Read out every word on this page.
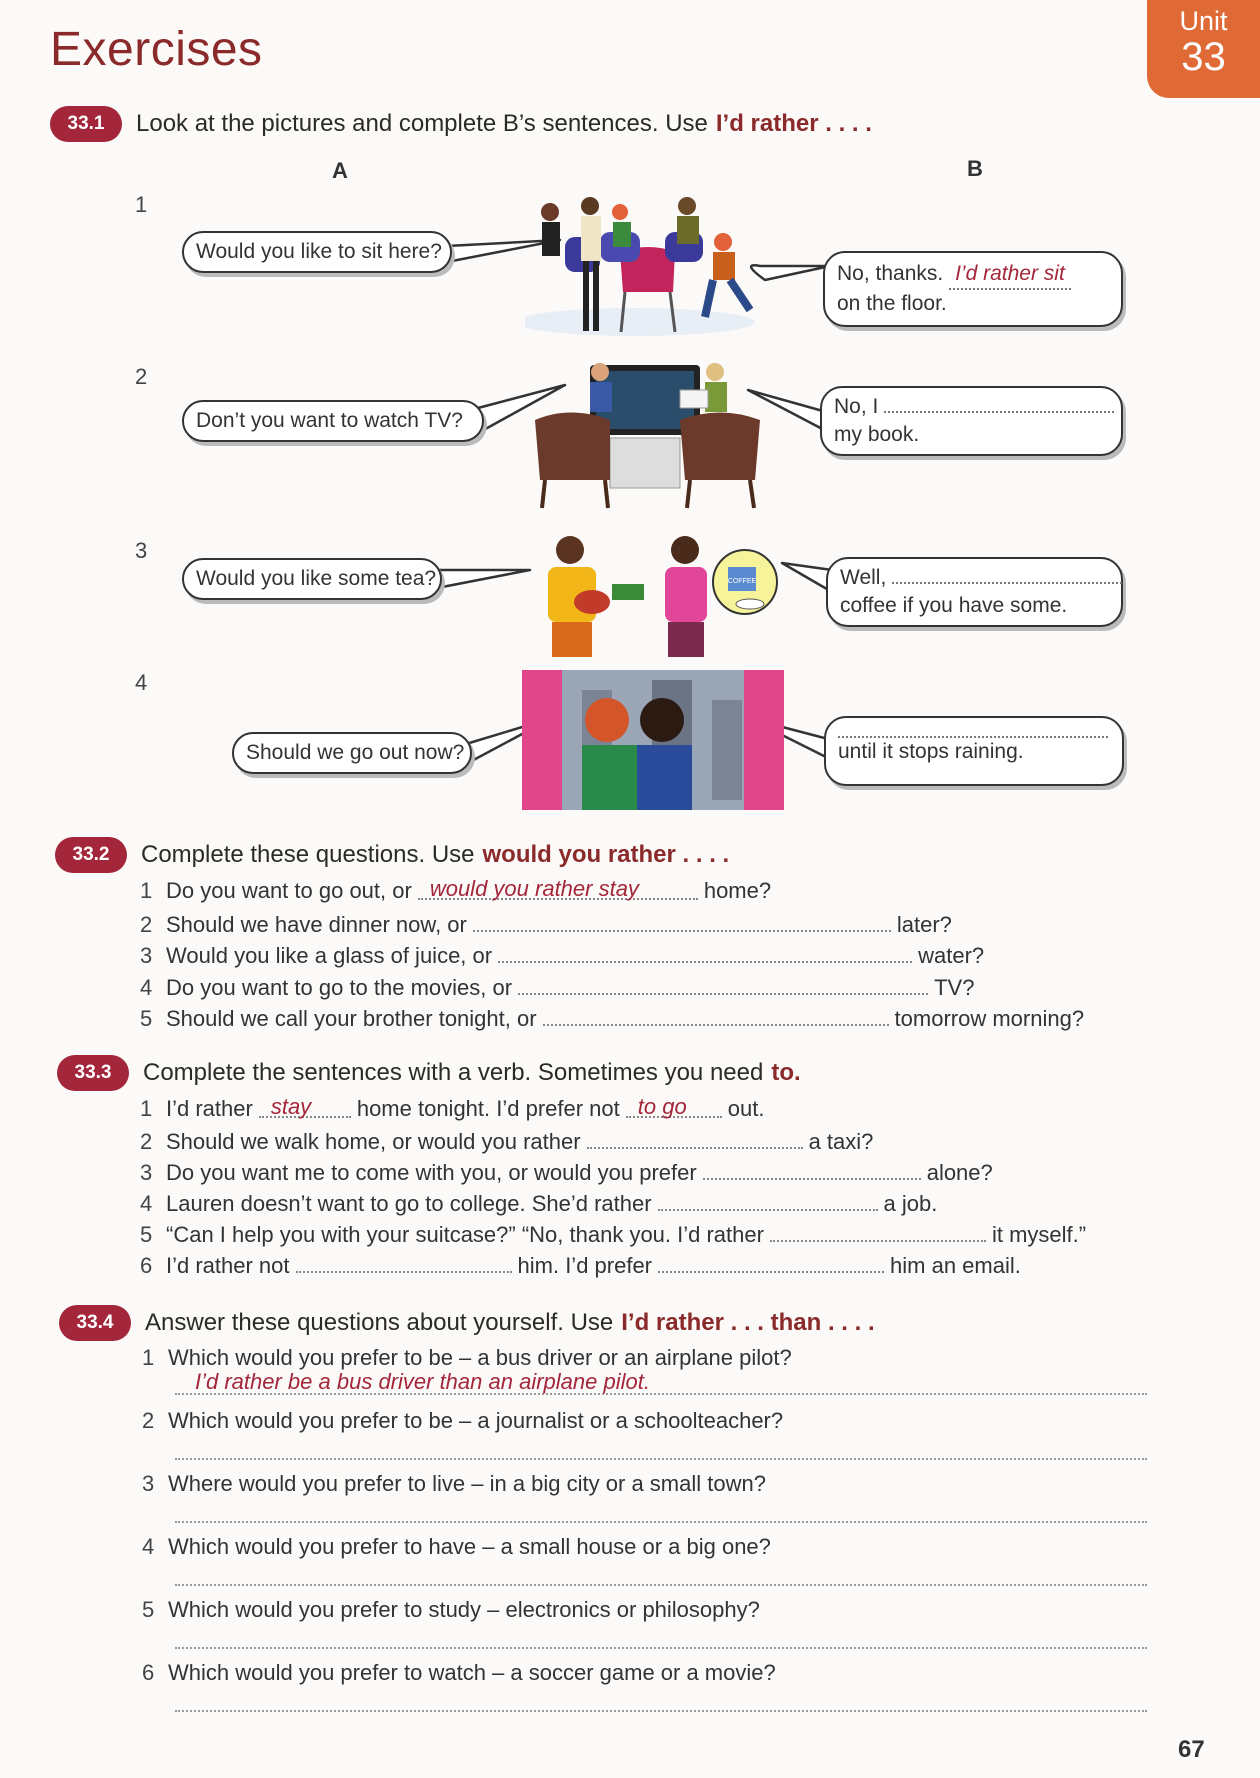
Exercises
Unit
33
33.1	Look at the pictures and complete B’s sentences. Use I’d rather . . . .
A	B
1
Would you like to sit here?
No, thanks. I’d rather sit
on the floor.
2
Don’t you want to watch TV?
No, I
my book.
3
Would you like some tea?	COFFEE	Well,
coffee if you have some.
4
Should we go out now?	until it stops raining.
33.2	Complete these questions. Use would you rather . . . .
1 Do you want to go out, or would you rather stay	home?
2 Should we have dinner now, or	later?
3 Would you like a glass of juice, or	water?
4 Do you want to go to the movies, or	TV?
5 Should we call your brother tonight, or	tomorrow morning?
33.3	Complete the sentences with a verb. Sometimes you need to.
1 I’d rather stay	home tonight. I’d prefer not to go	out.
2 Should we walk home, or would you rather	a taxi?
3 Do you want me to come with you, or would you prefer	alone?
4 Lauren doesn’t want to go to college. She’d rather	a job.
5 “Can I help you with your suitcase?” “No, thank you. I’d rather	it myself.”
6 I’d rather not	him. I’d prefer	him an email.
33.4	Answer these questions about yourself. Use I’d rather . . . than . . . .
1 Which would you prefer to be – a bus driver or an airplane pilot?
I’d rather be a bus driver than an airplane pilot.
2 Which would you prefer to be – a journalist or a schoolteacher?
3 Where would you prefer to live – in a big city or a small town?
4 Which would you prefer to have – a small house or a big one?
5 Which would you prefer to study – electronics or philosophy?
6 Which would you prefer to watch – a soccer game or a movie?
67
